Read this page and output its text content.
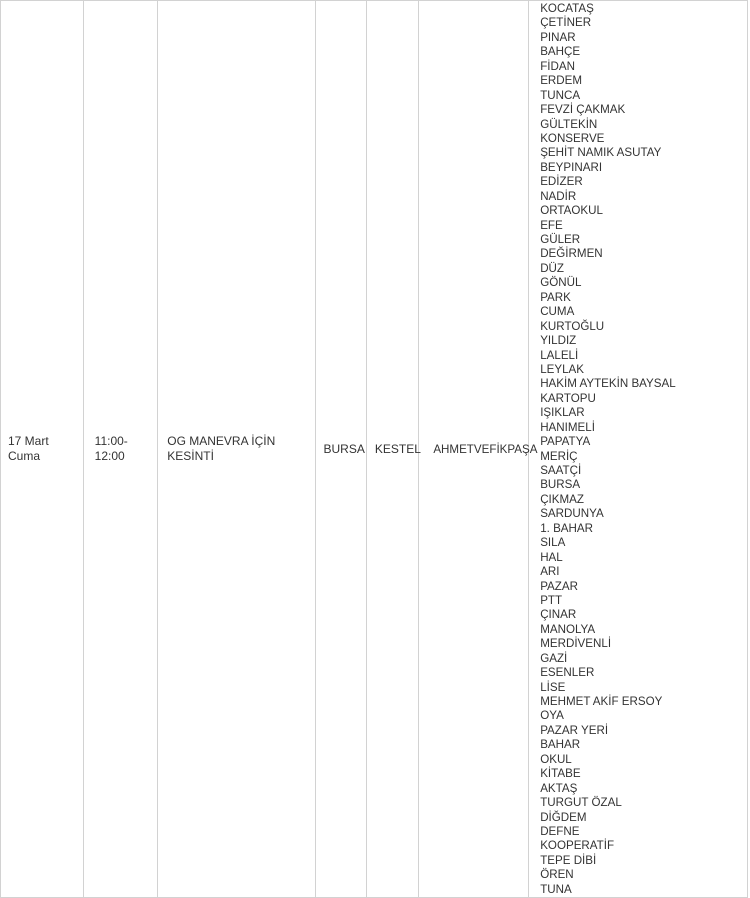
17 Mart
Cuma

11:00-
12:00

OG MANEVRA İÇİN
KESİNTİ

BURSA	KESTEL	AHMETVEFİKPAŞA

KOCATAŞ
ÇETİNER
PINAR
BAHÇE
FİDAN
ERDEM
TUNCA
FEVZİ ÇAKMAK
GÜLTEKİN
KONSERVE
ŞEHİT NAMIK ASUTAY
BEYPINARI
EDİZER
NADİR
ORTAOKUL
EFE
GÜLER
DEĞİRMEN
DÜZ
GÖNÜL
PARK
CUMA
KURTOĞLU
YILDIZ
LALELİ
LEYLAK
HAKİM AYTEKİN BAYSAL
KARTOPU
IŞIKLAR
HANIMELİ
PAPATYA
MERİÇ
SAATÇİ
BURSA
ÇIKMAZ
SARDUNYA
1. BAHAR
SILA
HAL
ARI
PAZAR
PTT
ÇINAR
MANOLYA
MERDİVENLİ
GAZİ
ESENLER
LİSE
MEHMET AKİF ERSOY
OYA
PAZAR YERİ
BAHAR
OKUL
KİTABE
AKTAŞ
TURGUT ÖZAL
DİĞDEM
DEFNE
KOOPERATİF
TEPE DİBİ
ÖREN
TUNA
